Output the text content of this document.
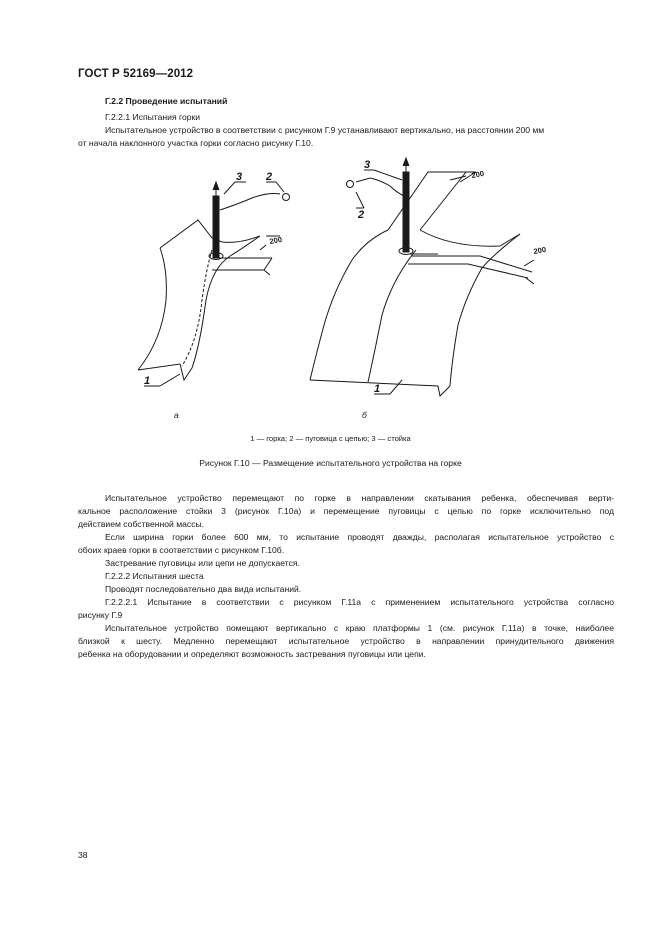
ГОСТ Р 52169—2012
Г.2.2 Проведение испытаний
Г.2.2.1 Испытания горки
Испытательное устройство в соответствии с рисунком Г.9 устанавливают вертикально, на расстоянии 200 мм
от начала наклонного участка горки согласно рисунку Г.10.
200
200
200
3 2
1
3
2
1
а	б
1 — горка; 2 — пуговица с цепью; 3 — стойка
Рисунок Г.10 — Размещение испытательного устройства на горке
Испытательное устройство перемещают по горке в направлении скатывания ребенка, обеспечивая верти-
кальное расположение стойки 3 (рисунок Г.10а) и перемещение пуговицы с цепью по горке исключительно под
действием собственной массы.
Если ширина горки более 600 мм, то испытание проводят дважды, располагая испытательное устройство с
обоих краев горки в соответствии с рисунком Г.10б.
Застревание пуговицы или цепи не допускается.
Г.2.2.2 Испытания шеста
Проводят последовательно два вида испытаний.
Г.2.2.2.1 Испытание в соответствии с рисунком Г.11а с применением испытательного устройства согласно
рисунку Г.9
Испытательное устройство помещают вертикально с краю платформы 1 (см. рисунок Г.11а) в точке, наиболее
близкой к шесту. Медленно перемещают испытательное устройство в направлении принудительного движения
ребенка на оборудовании и определяют возможность застревания пуговицы или цепи.
38
